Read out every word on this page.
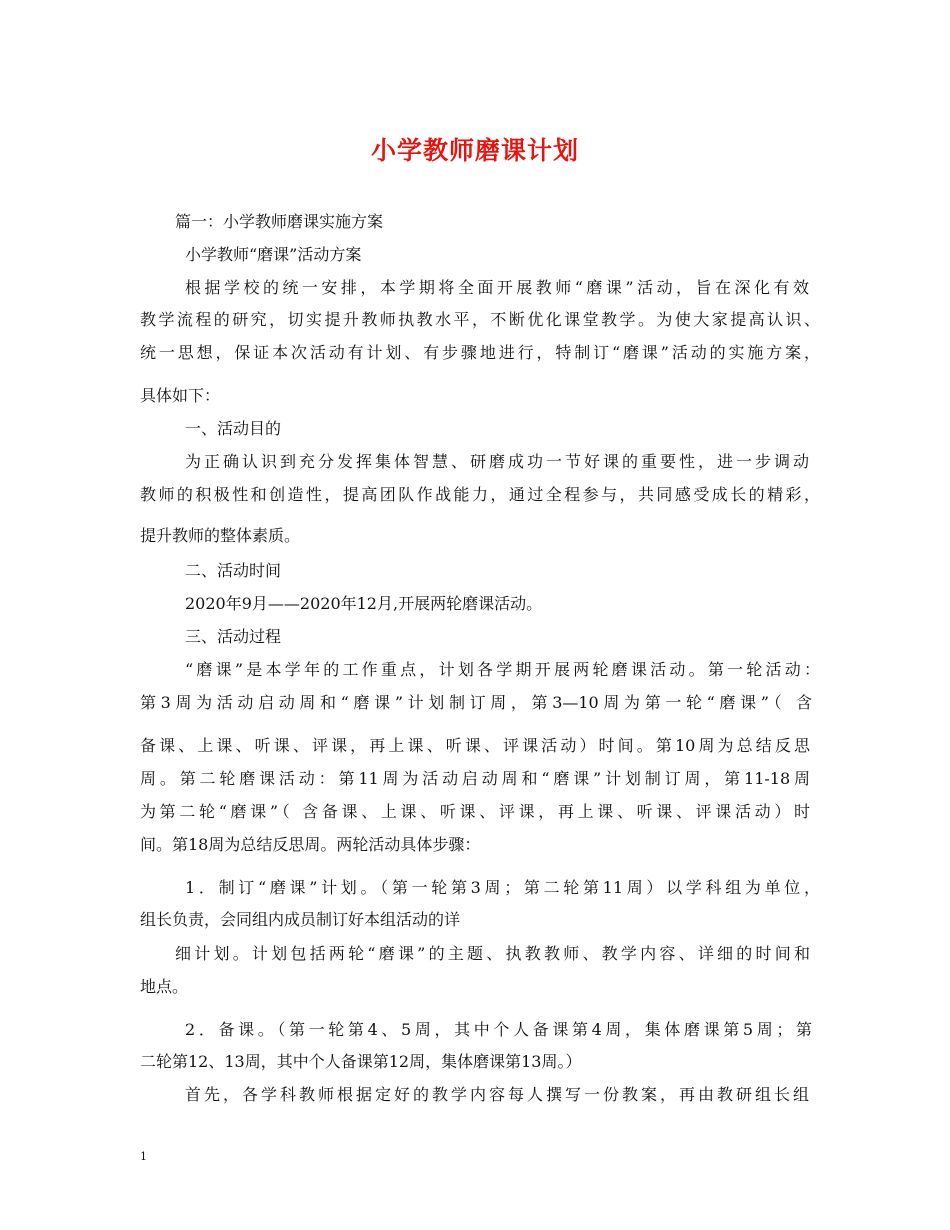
小学教师磨课计划
篇一：小学教师磨课实施方案
小学教师“磨课”活动方案
根据学校的统一安排，本学期将全面开展教师“磨课”活动，旨在深化有效
教学流程的研究，切实提升教师执教水平，不断优化课堂教学。为使大家提高认识、
统一思想，保证本次活动有计划、有步骤地进行，特制订“磨课”活动的实施方案，
具体如下：
一、活动目的
为正确认识到充分发挥集体智慧、研磨成功一节好课的重要性，进一步调动
教师的积极性和创造性，提高团队作战能力，通过全程参与，共同感受成长的精彩，
提升教师的整体素质。
二、活动时间
2020年9月——2020年12月,开展两轮磨课活动。
三、活动过程
“磨课”是本学年的工作重点，计划各学期开展两轮磨课活动。第一轮活动：
第3周为活动启动周和“磨课”计划制订周，第3—10周为第一轮“磨课”（ 含
备课、上课、听课、评课，再上课、听课、评课活动）时间。第10周为总结反思
周。第二轮磨课活动：第11周为活动启动周和“磨课”计划制订周，第11-18周
为第二轮“磨课”（ 含备课、上课、听课、评课，再上课、听课、评课活动）时
间。第18周为总结反思周。两轮活动具体步骤：
1．制订“磨课”计划。（第一轮第3周；第二轮第11周）以学科组为单位，
组长负责，会同组内成员制订好本组活动的详
细计划。计划包括两轮“磨课”的主题、执教教师、教学内容、详细的时间和
地点。
2．备课。（第一轮第4、5周，其中个人备课第4周，集体磨课第5周；第
二轮第12、13周，其中个人备课第12周，集体磨课第13周。）
首先，各学科教师根据定好的教学内容每人撰写一份教案，再由教研组长组
1
